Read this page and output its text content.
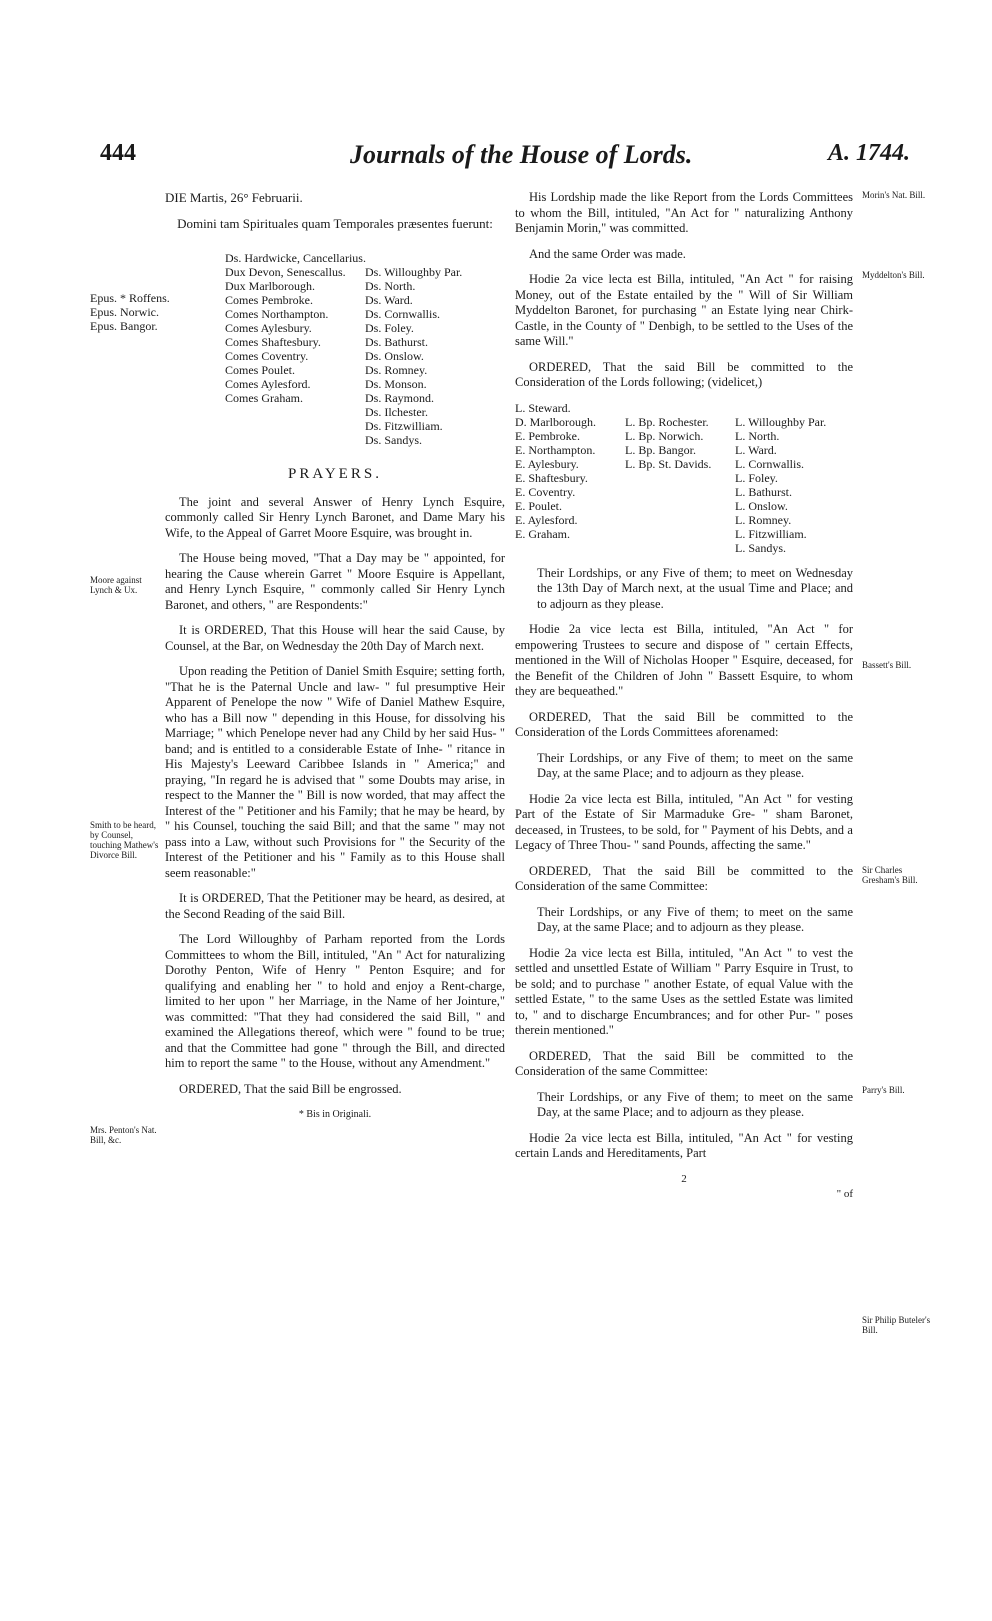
444	Journals of the House of Lords.	A. 1744.
Moore against Lynch & Ux.
Smith to be heard, by Counsel, touching Mathew's Divorce Bill.
Mrs. Penton's Nat. Bill, &c.
Morin's Nat. Bill.
Myddelton's Bill.
Bassett's Bill.
Sir Charles Gresham's Bill.
Parry's Bill.
Sir Philip Buteler's Bill.
DIE Martis, 26° Februarii.
Domini tam Spirituales quam Temporales præsentes fuerunt:
Epus. * Roffens.
Epus. Norwic.
Epus. Bangor.
Ds. Hardwicke, Cancellarius.
Dux Devon, Senescallus.
Dux Marlborough.
Comes Pembroke.
Comes Northampton.
Comes Aylesbury.
Comes Shaftesbury.
Comes Coventry.
Comes Poulet.
Comes Aylesford.
Comes Graham.
Ds. Willoughby Par.
Ds. North.
Ds. Ward.
Ds. Cornwallis.
Ds. Foley.
Ds. Bathurst.
Ds. Onslow.
Ds. Romney.
Ds. Monson.
Ds. Raymond.
Ds. Ilchester.
Ds. Fitzwilliam.
Ds. Sandys.
PRAYERS.

The joint and several Answer of Henry Lynch Esquire, commonly called Sir Henry Lynch Baronet, and Dame Mary his Wife, to the Appeal of Garret Moore Esquire, was brought in.

The House being moved, "That a Day may be " appointed, for hearing the Cause wherein Garret " Moore Esquire is Appellant, and Henry Lynch Esquire, " commonly called Sir Henry Lynch Baronet, and others, " are Respondents:"

It is ORDERED, That this House will hear the said Cause, by Counsel, at the Bar, on Wednesday the 20th Day of March next.

Upon reading the Petition of Daniel Smith Esquire; setting forth, "That he is the Paternal Uncle and law- " ful presumptive Heir Apparent of Penelope the now " Wife of Daniel Mathew Esquire, who has a Bill now " depending in this House, for dissolving his Marriage; " which Penelope never had any Child by her said Hus- " band; and is entitled to a considerable Estate of Inhe- " ritance in His Majesty's Leeward Caribbee Islands in " America;" and praying, "In regard he is advised that " some Doubts may arise, in respect to the Manner the " Bill is now worded, that may affect the Interest of the " Petitioner and his Family; that he may be heard, by " his Counsel, touching the said Bill; and that the same " may not pass into a Law, without such Provisions for " the Security of the Interest of the Petitioner and his " Family as to this House shall seem reasonable:"

It is ORDERED, That the Petitioner may be heard, as desired, at the Second Reading of the said Bill.

The Lord Willoughby of Parham reported from the Lords Committees to whom the Bill, intituled, "An " Act for naturalizing Dorothy Penton, Wife of Henry " Penton Esquire; and for qualifying and enabling her " to hold and enjoy a Rent-charge, limited to her upon " her Marriage, in the Name of her Jointure," was committed: "That they had considered the said Bill, " and examined the Allegations thereof, which were " found to be true; and that the Committee had gone " through the Bill, and directed him to report the same " to the House, without any Amendment."

ORDERED, That the said Bill be engrossed.

* Bis in Originali.

His Lordship made the like Report from the Lords Committees to whom the Bill, intituled, "An Act for " naturalizing Anthony Benjamin Morin," was committed.

And the same Order was made.

Hodie 2a vice lecta est Billa, intituled, "An Act " for raising Money, out of the Estate entailed by the " Will of Sir William Myddelton Baronet, for purchasing " an Estate lying near Chirk-Castle, in the County of " Denbigh, to be settled to the Uses of the same Will."

ORDERED, That the said Bill be committed to the Consideration of the Lords following; (videlicet,)

L. Steward.
D. Marlborough.
E. Pembroke.
E. Northampton.
E. Aylesbury.
E. Shaftesbury.
E. Coventry.
E. Poulet.
E. Aylesford.
E. Graham.

L. Bp. Rochester.
L. Bp. Norwich.
L. Bp. Bangor.
L. Bp. St. Davids.

L. Willoughby Par.
L. North.
L. Ward.
L. Cornwallis.
L. Foley.
L. Bathurst.
L. Onslow.
L. Romney.
L. Fitzwilliam.
L. Sandys.

Their Lordships, or any Five of them; to meet on Wednesday the 13th Day of March next, at the usual Time and Place; and to adjourn as they please.

Hodie 2a vice lecta est Billa, intituled, "An Act " for empowering Trustees to secure and dispose of " certain Effects, mentioned in the Will of Nicholas Hooper " Esquire, deceased, for the Benefit of the Children of John " Bassett Esquire, to whom they are bequeathed."

ORDERED, That the said Bill be committed to the Consideration of the Lords Committees aforenamed:

Their Lordships, or any Five of them; to meet on the same Day, at the same Place; and to adjourn as they please.

Hodie 2a vice lecta est Billa, intituled, "An Act " for vesting Part of the Estate of Sir Marmaduke Gre- " sham Baronet, deceased, in Trustees, to be sold, for " Payment of his Debts, and a Legacy of Three Thou- " sand Pounds, affecting the same."

ORDERED, That the said Bill be committed to the Consideration of the same Committee:

Their Lordships, or any Five of them; to meet on the same Day, at the same Place; and to adjourn as they please.

Hodie 2a vice lecta est Billa, intituled, "An Act " to vest the settled and unsettled Estate of William " Parry Esquire in Trust, to be sold; and to purchase " another Estate, of equal Value with the settled Estate, " to the same Uses as the settled Estate was limited to, " and to discharge Encumbrances; and for other Pur- " poses therein mentioned."

ORDERED, That the said Bill be committed to the Consideration of the same Committee:

Their Lordships, or any Five of them; to meet on the same Day, at the same Place; and to adjourn as they please.

Hodie 2a vice lecta est Billa, intituled, "An Act " for vesting certain Lands and Hereditaments, Part

2
" of
